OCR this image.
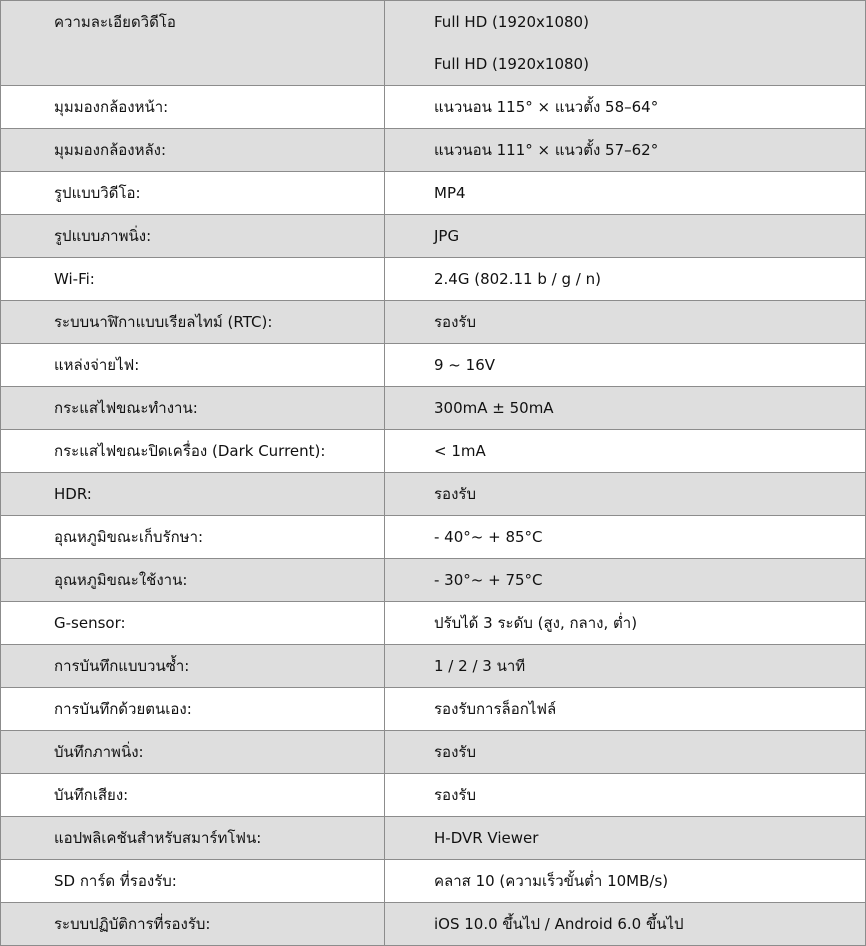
ความละเอียดวิดีโอ	Full HD (1920x1080)
Full HD (1920x1080)

มุมมองกล้องหน้า:	แนวนอน 115° × แนวตั้ง 58–64°

มุมมองกล้องหลัง:	แนวนอน 111° × แนวตั้ง 57–62°

รูปแบบวิดีโอ:	MP4

รูปแบบภาพนิ่ง:	JPG

Wi-Fi:	2.4G (802.11 b / g / n)

ระบบนาฬิกาแบบเรียลไทม์ (RTC):	รองรับ

แหล่งจ่ายไฟ:	9 ~ 16V

กระแสไฟขณะทำงาน:	300mA ± 50mA

กระแสไฟขณะปิดเครื่อง (Dark Current):	< 1mA

HDR:	รองรับ

อุณหภูมิขณะเก็บรักษา:	- 40°~ + 85°C

อุณหภูมิขณะใช้งาน:	- 30°~ + 75°C

G-sensor:	ปรับได้ 3 ระดับ (สูง, กลาง, ต่ำ)

การบันทึกแบบวนซ้ำ:	1 / 2 / 3 นาที

การบันทึกด้วยตนเอง:	รองรับการล็อกไฟล์

บันทึกภาพนิ่ง:	รองรับ

บันทึกเสียง:	รองรับ

แอปพลิเคชันสำหรับสมาร์ทโฟน:	H-DVR Viewer

SD การ์ด ที่รองรับ:	คลาส 10 (ความเร็วขั้นต่ำ 10MB/s)

ระบบปฏิบัติการที่รองรับ:	iOS 10.0 ขึ้นไป / Android 6.0 ขึ้นไป
